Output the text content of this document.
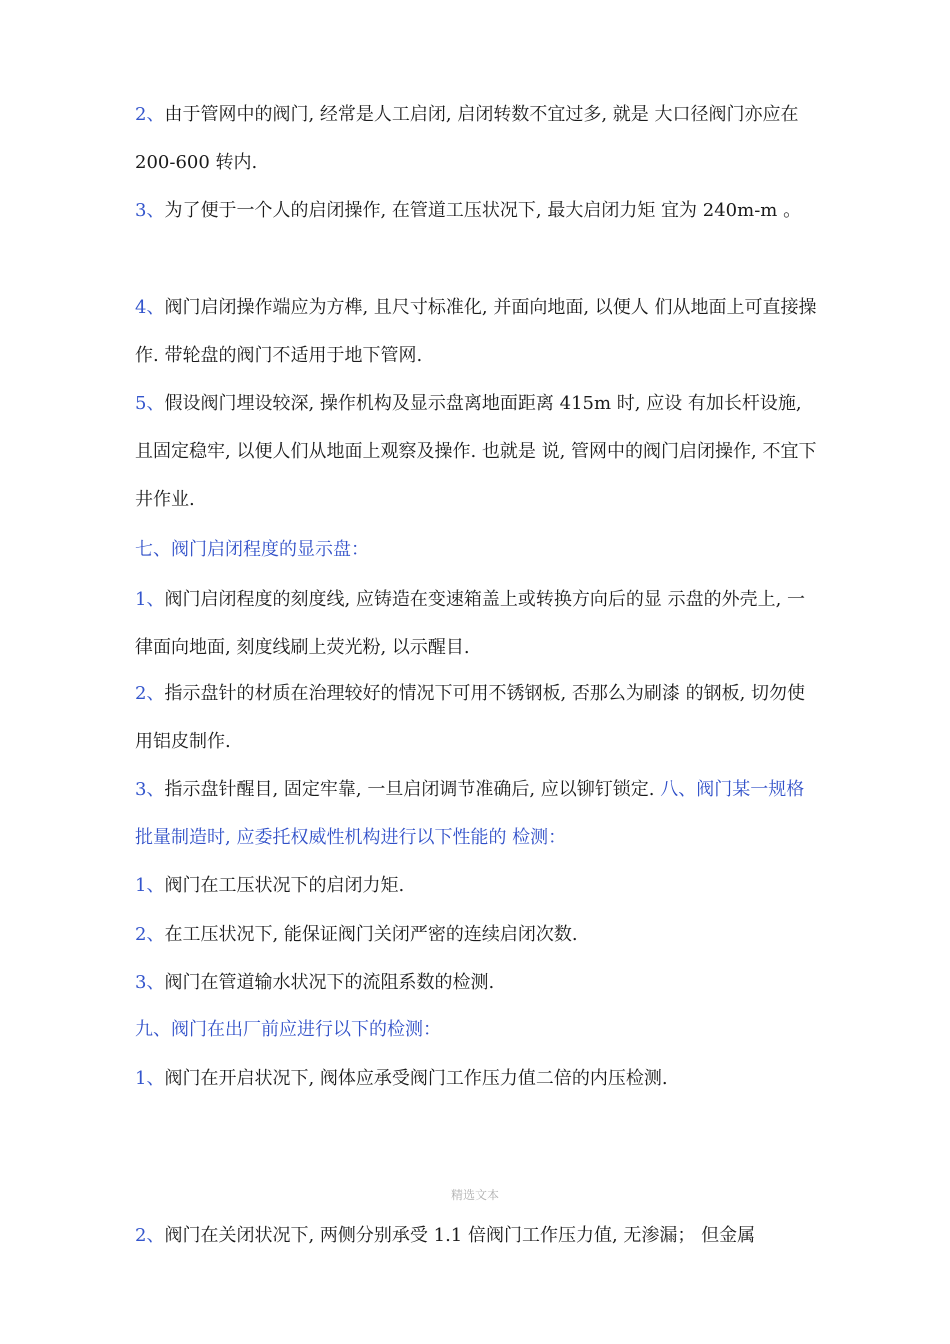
2、由于管网中的阀门, 经常是人工启闭, 启闭转数不宜过多, 就是 大口径阀门亦应在 200-600 转内.

3、为了便于一个人的启闭操作, 在管道工压状况下, 最大启闭力矩 宜为 240m-m 。

4、阀门启闭操作端应为方榫, 且尺寸标准化, 并面向地面, 以便人 们从地面上可直接操作. 带轮盘的阀门不适用于地下管网.

5、假设阀门埋设较深, 操作机构及显示盘离地面距离 415m 时, 应设 有加长杆设施, 且固定稳牢, 以便人们从地面上观察及操作. 也就是 说, 管网中的阀门启闭操作, 不宜下井作业.

七、阀门启闭程度的显示盘：

1、阀门启闭程度的刻度线, 应铸造在变速箱盖上或转换方向后的显 示盘的外壳上, 一律面向地面, 刻度线刷上荧光粉, 以示醒目.

2、指示盘针的材质在治理较好的情况下可用不锈钢板, 否那么为刷漆 的钢板, 切勿使用铝皮制作.

3、指示盘针醒目, 固定牢靠, 一旦启闭调节准确后, 应以铆钉锁定. 八、阀门某一规格批量制造时, 应委托权威性机构进行以下性能的 检测：

1、阀门在工压状况下的启闭力矩.

2、在工压状况下, 能保证阀门关闭严密的连续启闭次数.

3、阀门在管道输水状况下的流阻系数的检测.

九、阀门在出厂前应进行以下的检测：

1、阀门在开启状况下, 阀体应承受阀门工作压力值二倍的内压检测.

精选文本

2、阀门在关闭状况下, 两侧分别承受 1.1 倍阀门工作压力值, 无渗漏； 但金属
